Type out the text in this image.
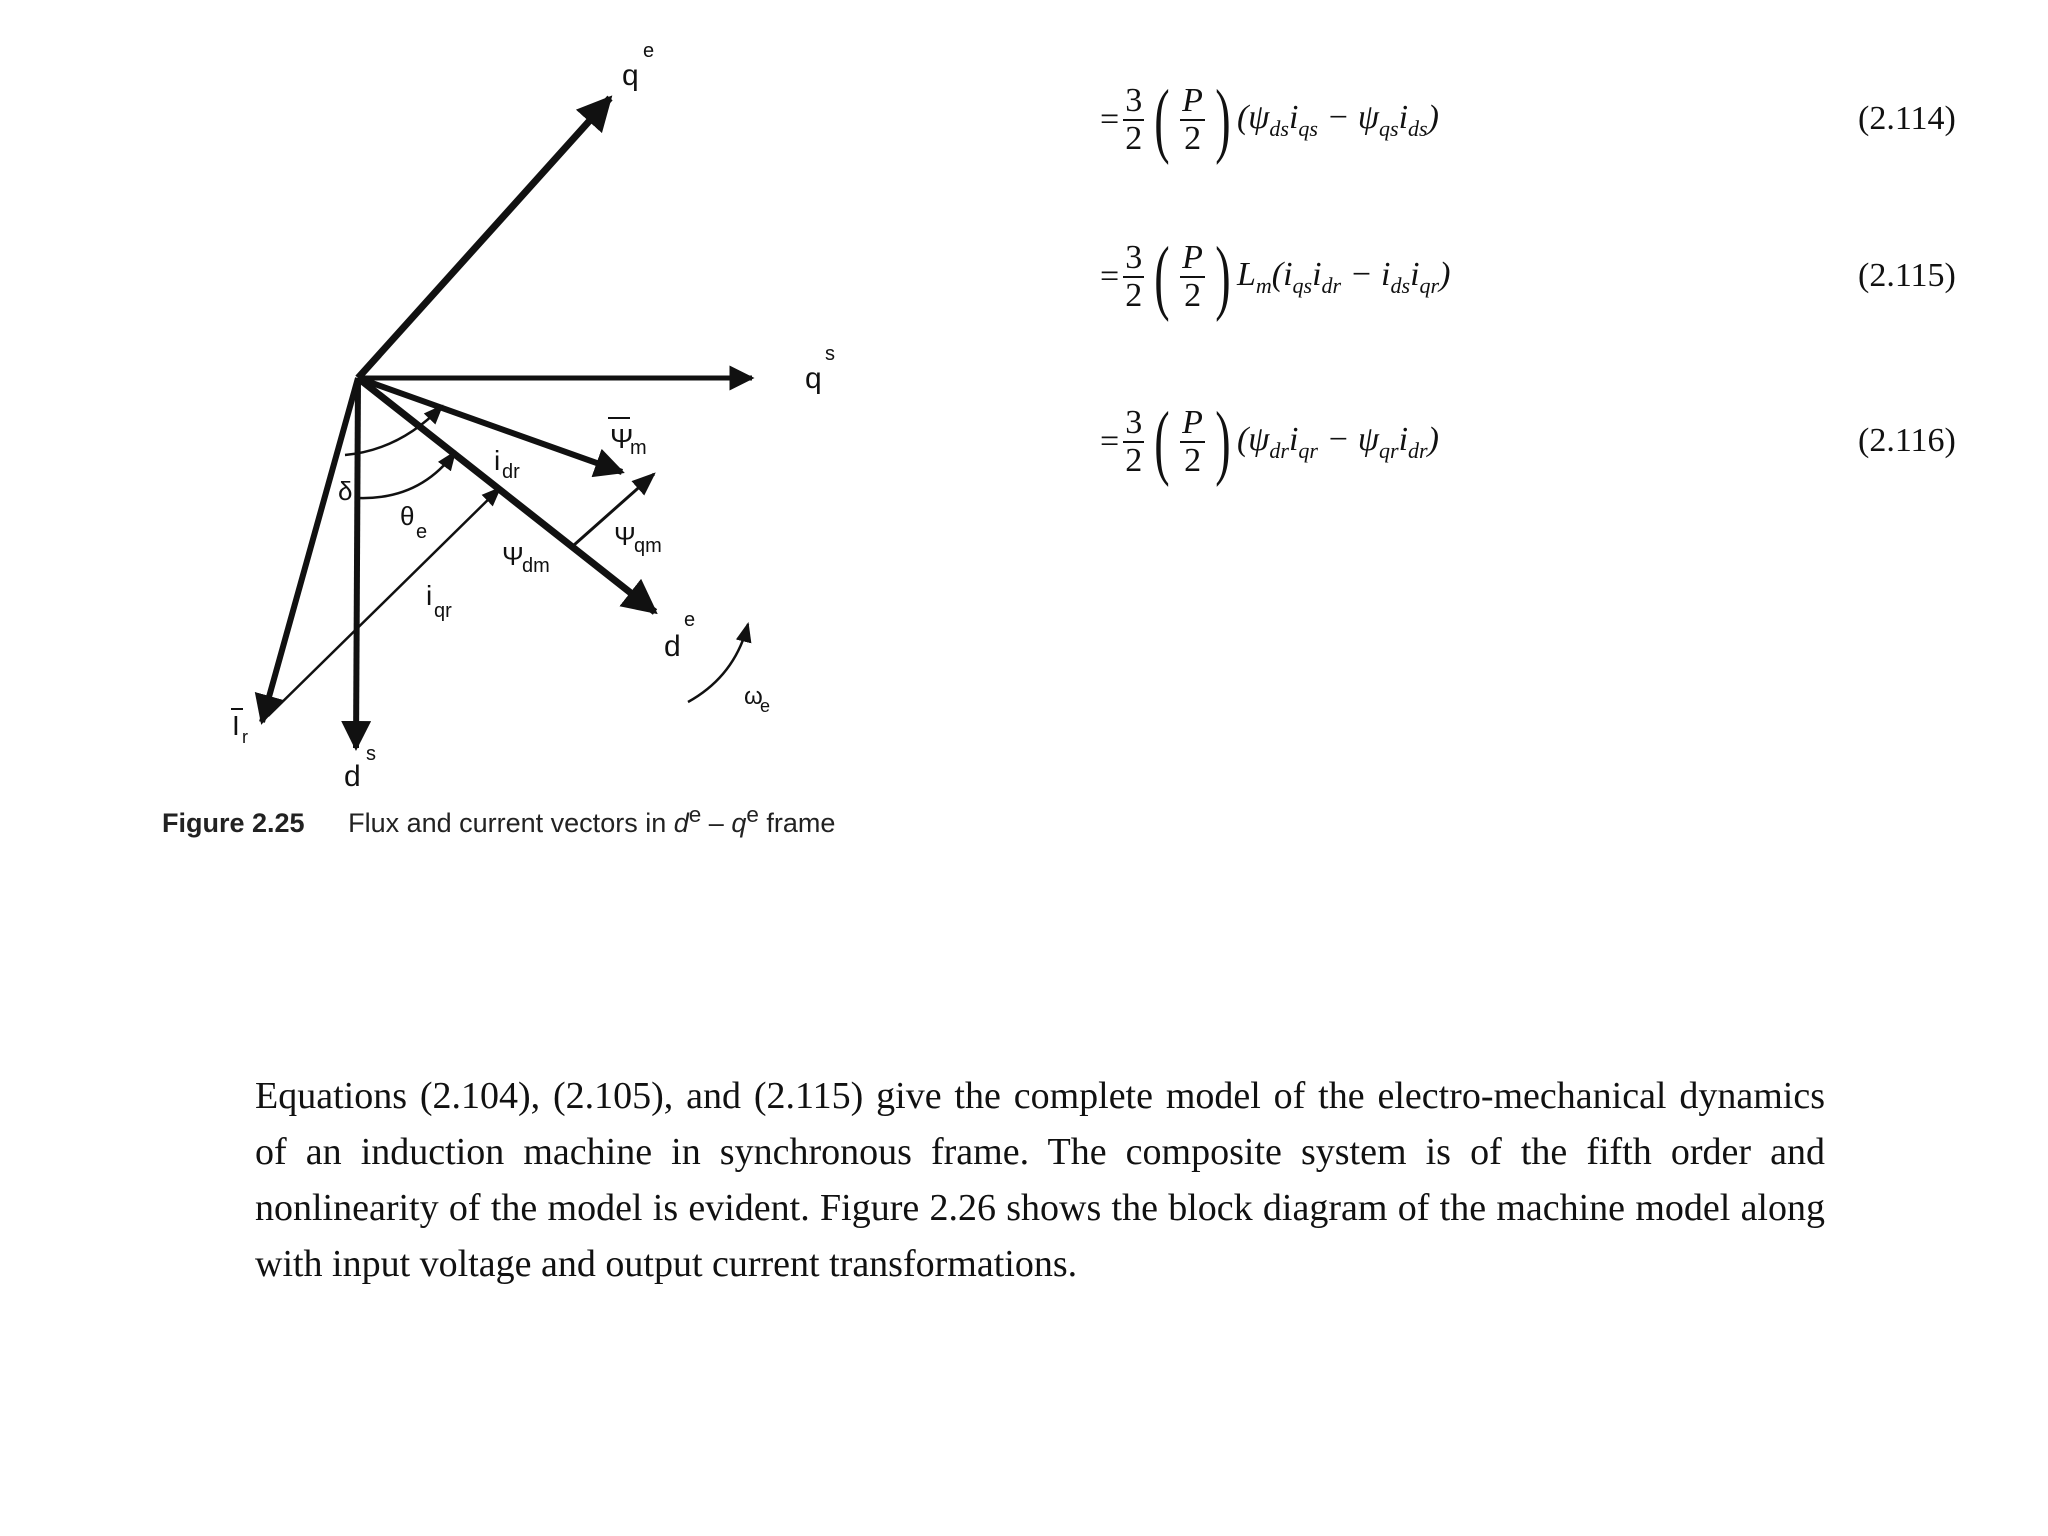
q
e
q
s
d
e
d
s
Ψ
m
Ψ
dm
Ψ
qm
i dr
i qr
I r
θ
e
δ
ω
e
Figure 2.25 Flux and current vectors in $d^e - q^e$ frame
= $\frac{3}{2}$ ( $\frac{P}{2}$ ) $(\psi_{ds}i_{qs} - \psi_{qs}i_{ds})$	(2.114)
= $\frac{3}{2}$ ( $\frac{P}{2}$ ) $L_m(i_{qs}i_{dr} - i_{ds}i_{qr})$	(2.115)
= $\frac{3}{2}$ ( $\frac{P}{2}$ ) $(\psi_{dr}i_{qr} - \psi_{qr}i_{dr})$	(2.116)

Equations (2.104), (2.105), and (2.115) give the complete model of the electro-mechanical dynamics of an induction machine in synchronous frame. The composite system is of the fifth order and nonlinearity of the model is evident. Figure 2.26 shows the block diagram of the machine model along with input voltage and output current transformations.
